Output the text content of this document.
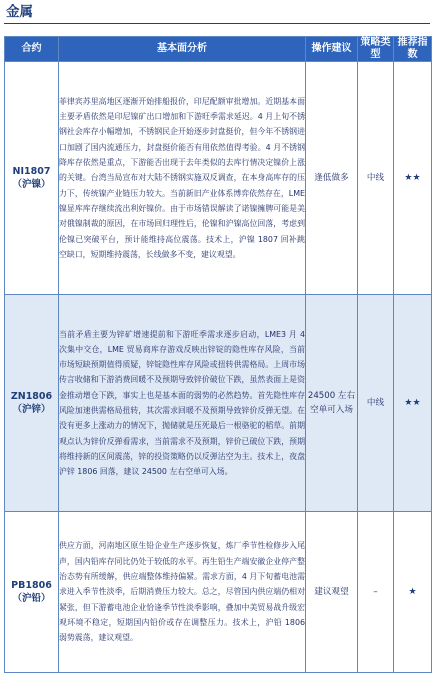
金属
合约	基本面分析	操作建议	策略类型	推荐指数

NI1807
（沪镍）	菲律宾苏里高地区逐渐开始排船报价，印尼配额审批增加。近期基本面主要矛盾依然是印尼镍矿出口增加和下游旺季需求延迟。4 月上旬不锈钢社会库存小幅增加，不锈钢民企开始逐步封盘挺价，但今年不锈钢进口加剧了国内流通压力，封盘挺价能否有用依然值得考验。4 月不锈钢降库存依然是重点，下游能否出现于去年类似的去库行情决定镍价上涨的关键。台湾当局宣布对大陆不锈钢实施双反调查，在本身高库存的压力下，传统镍产业链压力较大。当前新旧产业体系博弈依然存在，LME 镍显库库存继续流出利好镍价。由于市场错误解读了诺镍擁脾可能是美对俄镍制裁的原因，在市场回归理性后，伦镍和沪镍高位回落，考虑到伦镍已突破平台，预计能维持高位震荡。技术上，沪镍 1807 回补跳空缺口，短期维持震荡，长线做多不变，建议观望。	逢低做多	中线	★★

ZN1806
（沪锌）	当前矛盾主要为锌矿增速提前和下游旺季需求逐步启动，LME3 月 4 次集中交仓，LME 贸易商库存游戏反映出锌锭的隐性库存风险，当前市场短缺预期值得质疑，锌锭隐性库存风险或扭转供需格局。上周市场传言收储和下游消费回暖不及预期导致锌价破位下跌，虽然表面上是资金推动增仓下跌，事实上也是基本面的弱势的必然趋势。首先隐性库存风险加速供需格局扭转，其次需求回暖不及预期导致锌价反弹无望。在没有更多上涨动力的情况下，抛储就是压死最后一根骆驼的稻草。前期观点认为锌价反弹看需求，当前需求不及预期，锌价已破位下跌，预期将维持新的区间震荡，锌的投资策略仍以反弹沽空为主。技术上，夜盘沪锌 1806 回落，建议 24500 左右空单可入场。	24500 左右空单可入场	中线	★★

PB1806
（沪铅）	供应方面，河南地区原生铅企业生产逐步恢复，炼厂季节性检修步入尾声，国内铅库存同比仍处于较低的水平。再生铅生产端安徽企业停产整治态势有所缓解，供应端整体维持偏紧。需求方面，4 月下旬蓄电池需求进入季节性淡季，后期消费压力较大。总之，尽管国内供应端仍相对紧张，但下游蓄电池企业恰逢季节性淡季影响，叠加中美贸易战升级宏观环境不稳定，短期国内铅价或存在调整压力。技术上，沪铅 1806 弱势震荡，建议观望。	建议观望	–	★
